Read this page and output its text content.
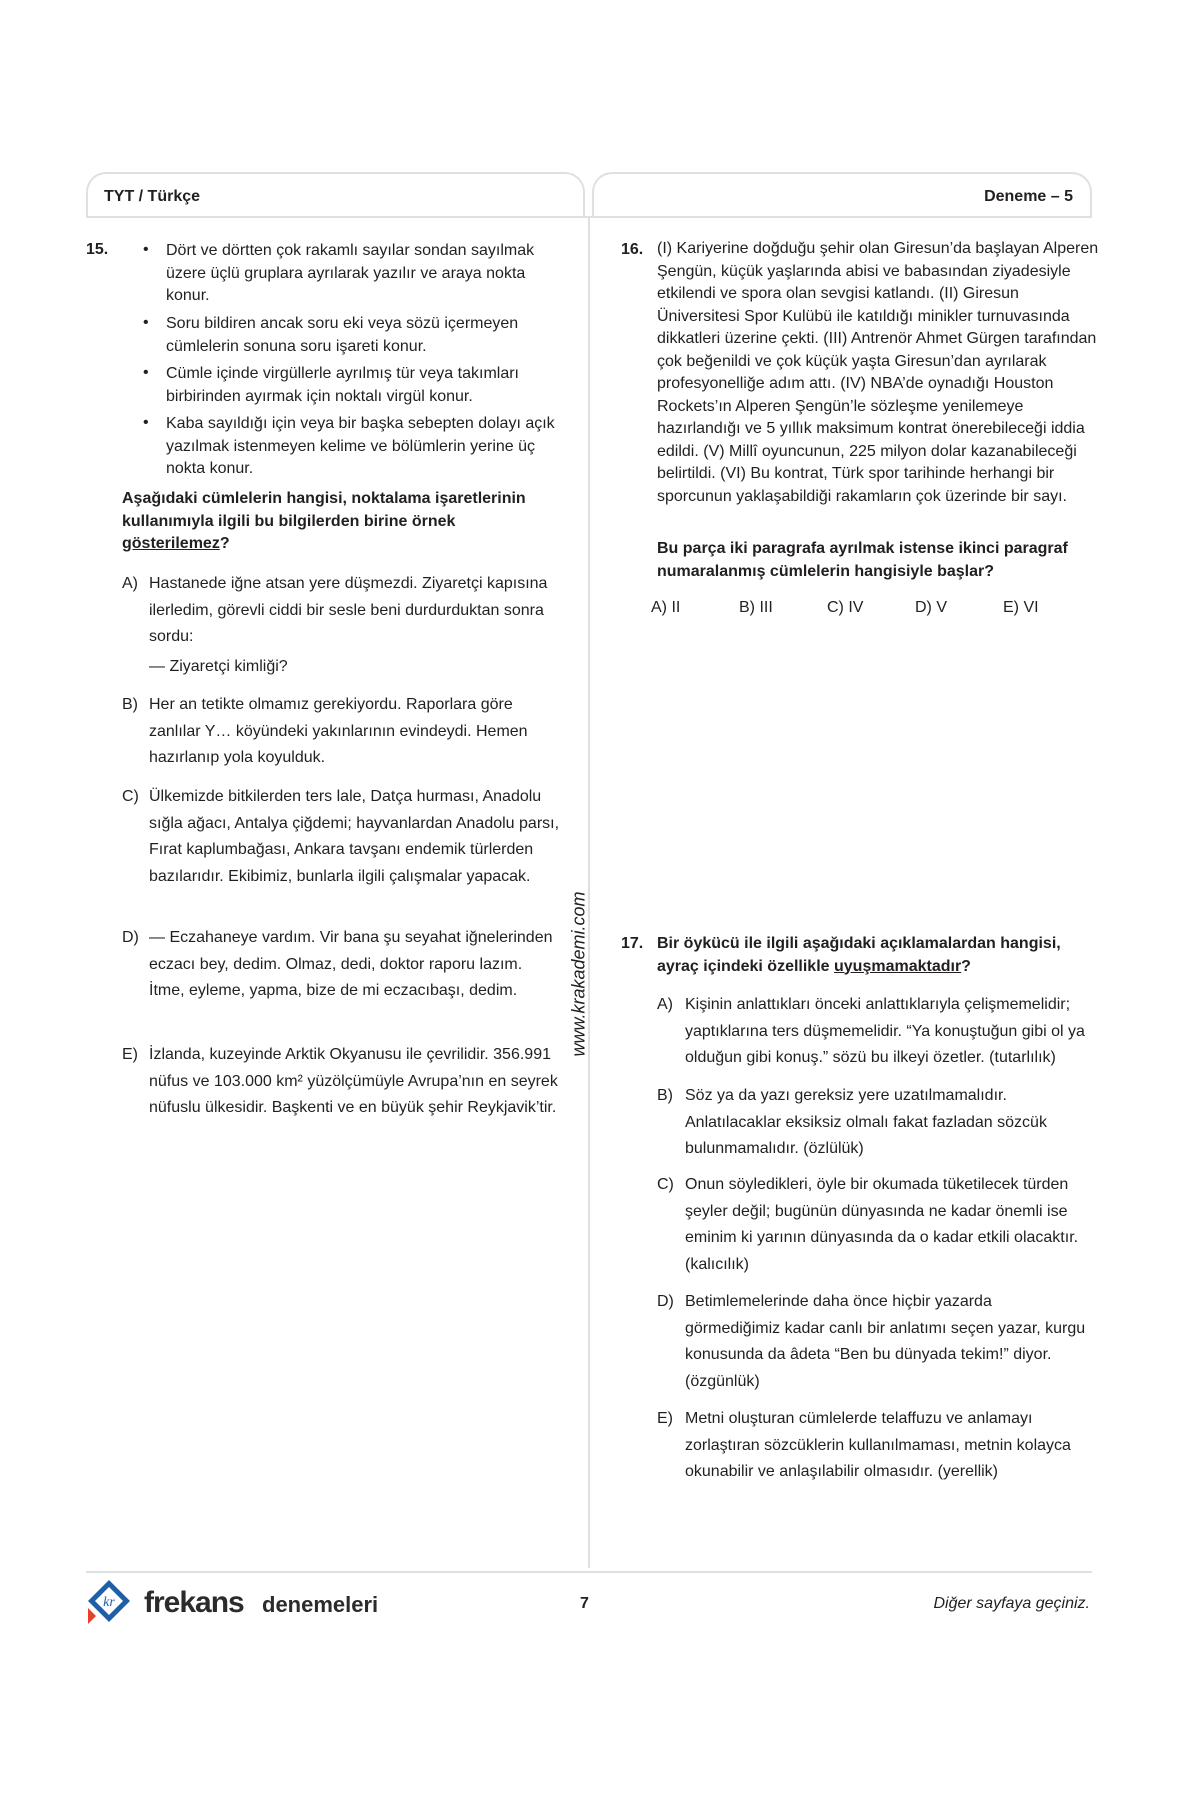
TYT / Türkçe	Deneme – 5
www.krakademi.com
15. • Dört ve dörtten çok rakamlı sayılar sondan sayılmak üzere üçlü gruplara ayrılarak yazılır ve araya nokta konur.
• Soru bildiren ancak soru eki veya sözü içermeyen cümlelerin sonuna soru işareti konur.
• Cümle içinde virgüllerle ayrılmış tür veya takımları birbirinden ayırmak için noktalı virgül konur.
• Kaba sayıldığı için veya bir başka sebepten dolayı açık yazılmak istenmeyen kelime ve bölümlerin yerine üç nokta konur.
Aşağıdaki cümlelerin hangisi, noktalama işaretlerinin kullanımıyla ilgili bu bilgilerden birine örnek gösterilemez?
A) Hastanede iğne atsan yere düşmezdi. Ziyaretçi kapısına ilerledim, görevli ciddi bir sesle beni durdurduktan sonra sordu:
— Ziyaretçi kimliği?
B) Her an tetikte olmamız gerekiyordu. Raporlara göre zanlılar Y… köyündeki yakınlarının evindeydi. Hemen hazırlanıp yola koyulduk.
C) Ülkemizde bitkilerden ters lale, Datça hurması, Anadolu sığla ağacı, Antalya çiğdemi; hayvanlardan Anadolu parsı, Fırat kaplumbağası, Ankara tavşanı endemik türlerden bazılarıdır. Ekibimiz, bunlarla ilgili çalışmalar yapacak.
D) — Eczahaneye vardım. Vir bana şu seyahat iğnelerinden eczacı bey, dedim. Olmaz, dedi, doktor raporu lazım. İtme, eyleme, yapma, bize de mi eczacıbaşı, dedim.
E) İzlanda, kuzeyinde Arktik Okyanusu ile çevrilidir. 356.991 nüfus ve 103.000 km² yüzölçümüyle Avrupa’nın en seyrek nüfuslu ülkesidir. Başkenti ve en büyük şehir Reykjavik’tir.
16. (I) Kariyerine doğduğu şehir olan Giresun’da başlayan Alperen Şengün, küçük yaşlarında abisi ve babasından ziyadesiyle etkilendi ve spora olan sevgisi katlandı. (II) Giresun Üniversitesi Spor Kulübü ile katıldığı minikler turnuvasında dikkatleri üzerine çekti. (III) Antrenör Ahmet Gürgen tarafından çok beğenildi ve çok küçük yaşta Giresun’dan ayrılarak profesyonelliğe adım attı. (IV) NBA’de oynadığı Houston Rockets’ın Alperen Şengün’le sözleşme yenilemeye hazırlandığı ve 5 yıllık maksimum kontrat önerebileceği iddia edildi. (V) Millî oyuncunun, 225 milyon dolar kazanabileceği belirtildi. (VI) Bu kontrat, Türk spor tarihinde herhangi bir sporcunun yaklaşabildiği rakamların çok üzerinde bir sayı.
Bu parça iki paragrafa ayrılmak istense ikinci paragraf numaralanmış cümlelerin hangisiyle başlar?
A) II	B) III	C) IV	D) V	E) VI
17. Bir öykücü ile ilgili aşağıdaki açıklamalardan hangisi, ayraç içindeki özellikle uyuşmamaktadır?
A) Kişinin anlattıkları önceki anlattıklarıyla çelişmemelidir; yaptıklarına ters düşmemelidir. “Ya konuştuğun gibi ol ya olduğun gibi konuş.” sözü bu ilkeyi özetler. (tutarlılık)
B) Söz ya da yazı gereksiz yere uzatılmamalıdır. Anlatılacaklar eksiksiz olmalı fakat fazladan sözcük bulunmamalıdır. (özlülük)
C) Onun söyledikleri, öyle bir okumada tüketilecek türden şeyler değil; bugünün dünyasında ne kadar önemli ise eminim ki yarının dünyasında da o kadar etkili olacaktır. (kalıcılık)
D) Betimlemelerinde daha önce hiçbir yazarda görmediğimiz kadar canlı bir anlatımı seçen yazar, kurgu konusunda da âdeta “Ben bu dünyada tekim!” diyor. (özgünlük)
E) Metni oluşturan cümlelerde telaffuzu ve anlamayı zorlaştıran sözcüklerin kullanılmaması, metnin kolayca okunabilir ve anlaşılabilir olmasıdır. (yerellik)
kr frekans denemeleri	7	Diğer sayfaya geçiniz.
